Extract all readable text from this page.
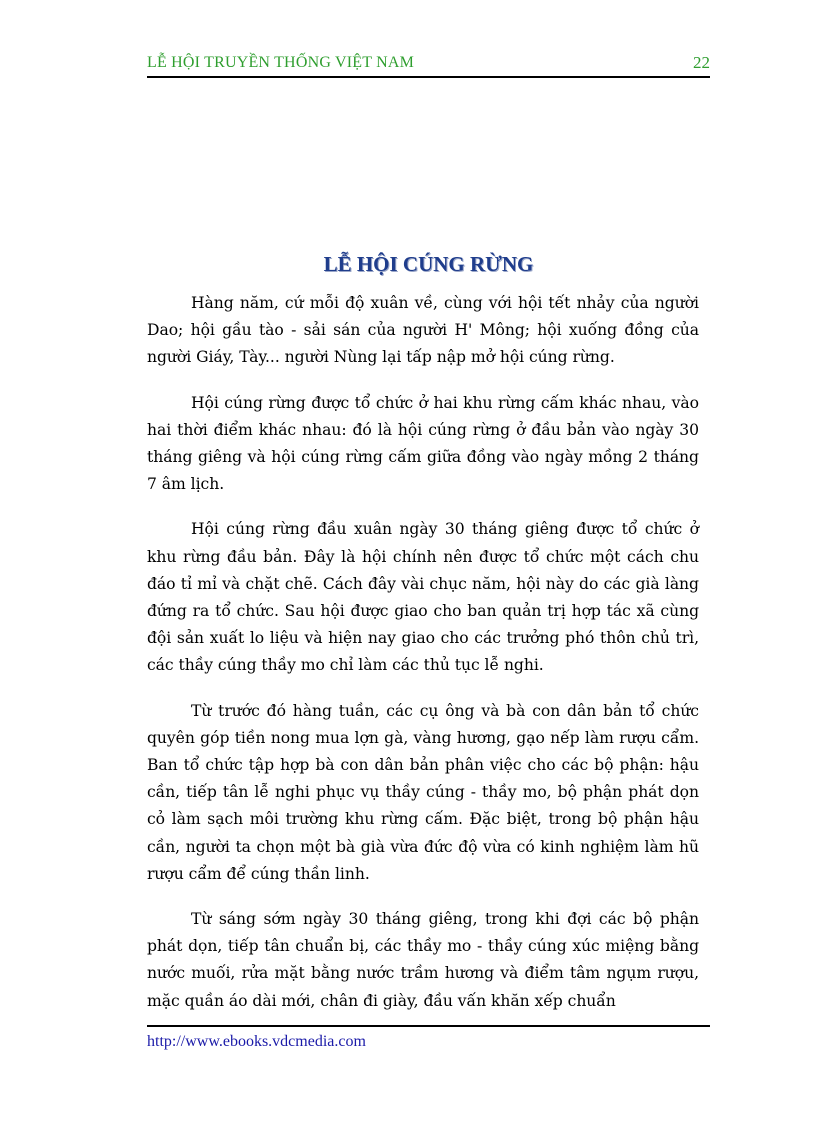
LỄ HỘI TRUYỀN THỐNG VIỆT NAM	22
LỄ HỘI CÚNG RỪNG

Hàng năm, cứ mỗi độ xuân về, cùng với hội tết nhảy của người Dao; hội gầu tào - sải sán của người H' Mông; hội xuống đồng của người Giáy, Tày... người Nùng lại tấp nập mở hội cúng rừng.

Hội cúng rừng được tổ chức ở hai khu rừng cấm khác nhau, vào hai thời điểm khác nhau: đó là hội cúng rừng ở đầu bản vào ngày 30 tháng giêng và hội cúng rừng cấm giữa đồng vào ngày mồng 2 tháng 7 âm lịch.

Hội cúng rừng đầu xuân ngày 30 tháng giêng được tổ chức ở khu rừng đầu bản. Đây là hội chính nên được tổ chức một cách chu đáo tỉ mỉ và chặt chẽ. Cách đây vài chục năm, hội này do các già làng đứng ra tổ chức. Sau hội được giao cho ban quản trị hợp tác xã cùng đội sản xuất lo liệu và hiện nay giao cho các trưởng phó thôn chủ trì, các thầy cúng thầy mo chỉ làm các thủ tục lễ nghi.

Từ trước đó hàng tuần, các cụ ông và bà con dân bản tổ chức quyên góp tiền nong mua lợn gà, vàng hương, gạo nếp làm rượu cẩm. Ban tổ chức tập hợp bà con dân bản phân việc cho các bộ phận: hậu cần, tiếp tân lễ nghi phục vụ thầy cúng - thầy mo, bộ phận phát dọn cỏ làm sạch môi trường khu rừng cấm. Đặc biệt, trong bộ phận hậu cần, người ta chọn một bà già vừa đức độ vừa có kinh nghiệm làm hũ rượu cẩm để cúng thần linh.

Từ sáng sớm ngày 30 tháng giêng, trong khi đợi các bộ phận phát dọn, tiếp tân chuẩn bị, các thầy mo - thầy cúng xúc miệng bằng nước muối, rửa mặt bằng nước trầm hương và điểm tâm ngụm rượu, mặc quần áo dài mới, chân đi giày, đầu vấn khăn xếp chuẩn

http://www.ebooks.vdcmedia.com
